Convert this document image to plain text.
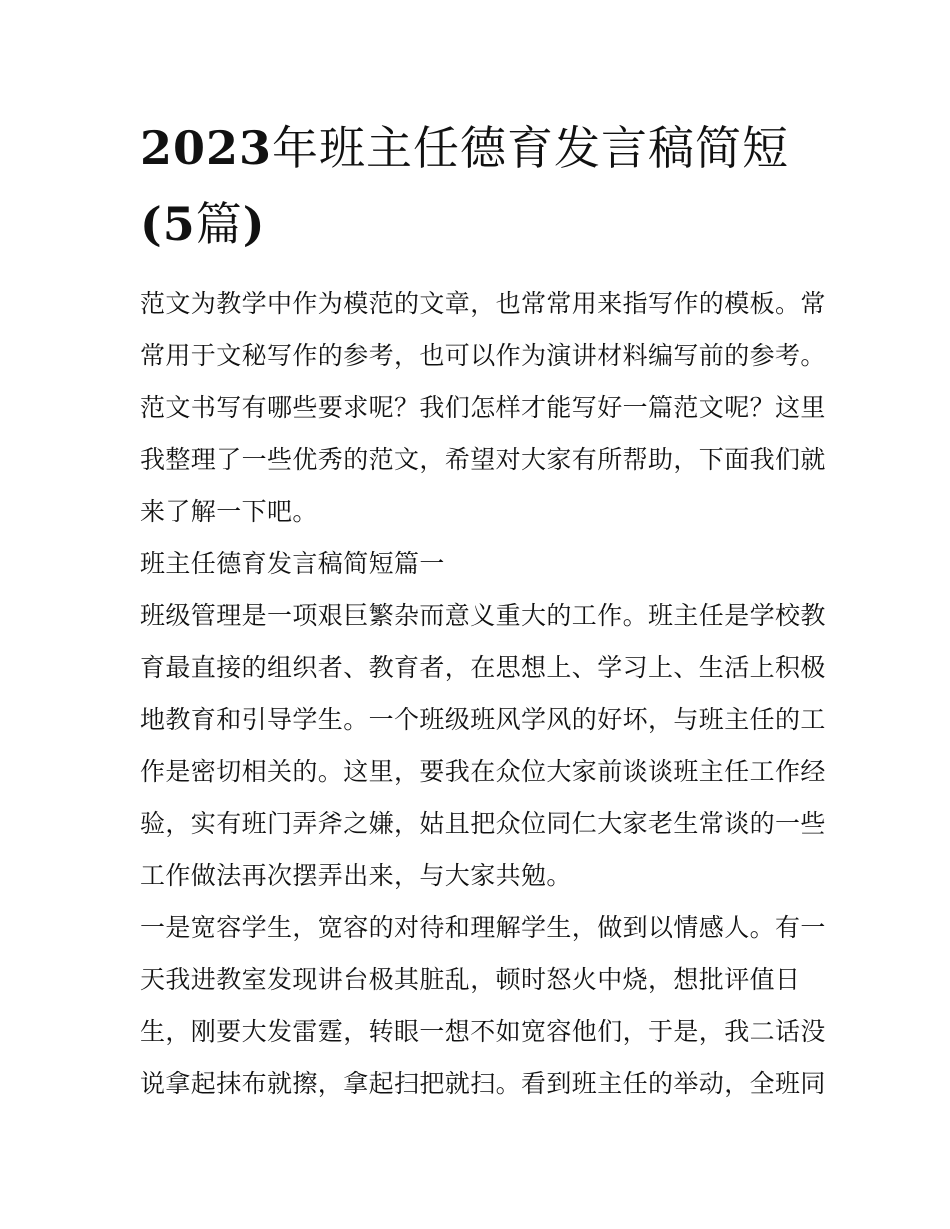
2023年班主任德育发言稿简短
(5篇)
范文为教学中作为模范的文章，也常常用来指写作的模板。常
常用于文秘写作的参考，也可以作为演讲材料编写前的参考。
范文书写有哪些要求呢？我们怎样才能写好一篇范文呢？这里
我整理了一些优秀的范文，希望对大家有所帮助，下面我们就
来了解一下吧。
班主任德育发言稿简短篇一
班级管理是一项艰巨繁杂而意义重大的工作。班主任是学校教
育最直接的组织者、教育者，在思想上、学习上、生活上积极
地教育和引导学生。一个班级班风学风的好坏，与班主任的工
作是密切相关的。这里，要我在众位大家前谈谈班主任工作经
验，实有班门弄斧之嫌，姑且把众位同仁大家老生常谈的一些
工作做法再次摆弄出来，与大家共勉。
一是宽容学生，宽容的对待和理解学生，做到以情感人。有一
天我进教室发现讲台极其脏乱，顿时怒火中烧，想批评值日
生，刚要大发雷霆，转眼一想不如宽容他们，于是，我二话没
说拿起抹布就擦，拿起扫把就扫。看到班主任的举动，全班同
